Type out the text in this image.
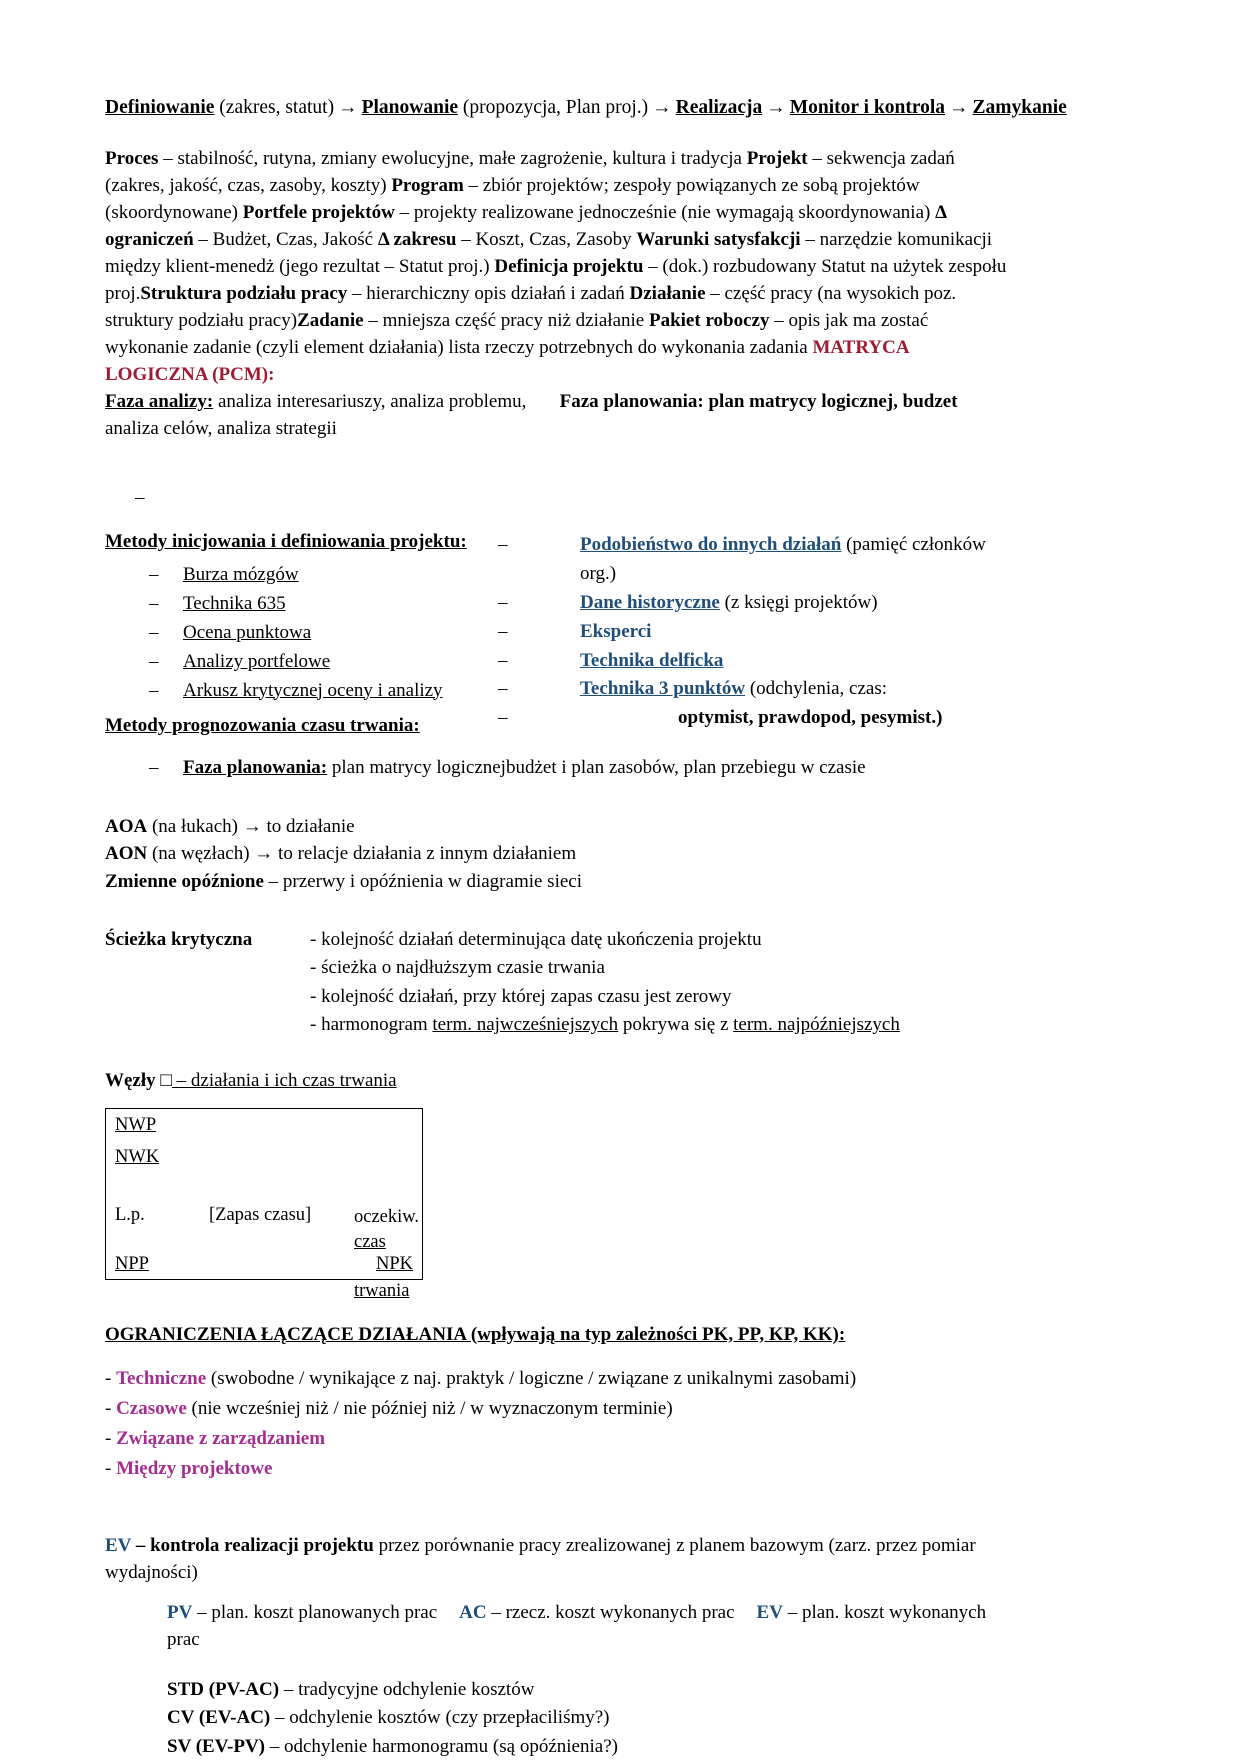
Definiowanie (zakres, statut) → Planowanie (propozycja, Plan proj.) → Realizacja → Monitor i kontrola → Zamykanie
Proces – stabilność, rutyna, zmiany ewolucyjne, małe zagrożenie, kultura i tradycja Projekt – sekwencja zadań (zakres, jakość, czas, zasoby, koszty) Program – zbiór projektów; zespoły powiązanych ze sobą projektów (skoordynowane) Portfele projektów – projekty realizowane jednocześnie (nie wymagają skoordynowania) Δ ograniczeń – Budżet, Czas, Jakość Δ zakresu – Koszt, Czas, Zasoby Warunki satysfakcji – narzędzie komunikacji między klient-menedż (jego rezultat – Statut proj.) Definicja projektu – (dok.) rozbudowany Statut na użytek zespołu proj.Struktura podziału pracy – hierarchiczny opis działań i zadań Działanie – część pracy (na wysokich poz. struktury podziału pracy)Zadanie – mniejsza część pracy niż działanie Pakiet roboczy – opis jak ma zostać wykonanie zadanie (czyli element działania) lista rzeczy potrzebnych do wykonania zadania MATRYCA LOGICZNA (PCM):
Faza analizy: analiza interesariuszy, analiza problemu, Faza planowania: plan matrycy logicznej, budzet
analiza celów, analiza strategii
–
Metody inicjowania i definiowania projektu:
– Burza mózgów
– Technika 635
– Ocena punktowa
– Analizy portfelowe
– Arkusz krytycznej oceny i analizy
Metody prognozowania czasu trwania:
– Podobieństwo do innych działań (pamięć członków org.)
– Dane historyczne (z księgi projektów)
– Eksperci
– Technika delficka
– Technika 3 punktów (odchylenia, czas:
– optymist, prawdopod, pesymist.)
– Faza planowania: plan matrycy logicznejbudżet i plan zasobów, plan przebiegu w czasie
AOA (na łukach) → to działanie
AON (na węzłach) → to relacje działania z innym działaniem
Zmienne opóźnione – przerwy i opóźnienia w diagramie sieci
Ścieżka krytyczna	- kolejność działań determinująca datę ukończenia projektu
- ścieżka o najdłuższym czasie trwania
- kolejność działań, przy której zapas czasu jest zerowy
- harmonogram term. najwcześniejszych pokrywa się z term. najpóźniejszych
Węzły □ – działania i ich czas trwania
NWP
NWK
L.p.	[Zapas czasu] oczekiw.

czas

trwania

NPP	NPK
OGRANICZENIA ŁĄCZĄCE DZIAŁANIA (wpływają na typ zależności PK, PP, KP, KK):
- Techniczne (swobodne / wynikające z naj. praktyk / logiczne / związane z unikalnymi zasobami)
- Czasowe (nie wcześniej niż / nie później niż / w wyznaczonym terminie)
- Związane z zarządzaniem
- Między projektowe
EV – kontrola realizacji projektu przez porównanie pracy zrealizowanej z planem bazowym (zarz. przez pomiar
wydajności)
PV – plan. koszt planowanych prac AC – rzecz. koszt wykonanych prac EV – plan. koszt wykonanych prac
STD (PV-AC) – tradycyjne odchylenie kosztów
CV (EV-AC) – odchylenie kosztów (czy przepłaciliśmy?)
SV (EV-PV) – odchylenie harmonogramu (są opóźnienia?)
